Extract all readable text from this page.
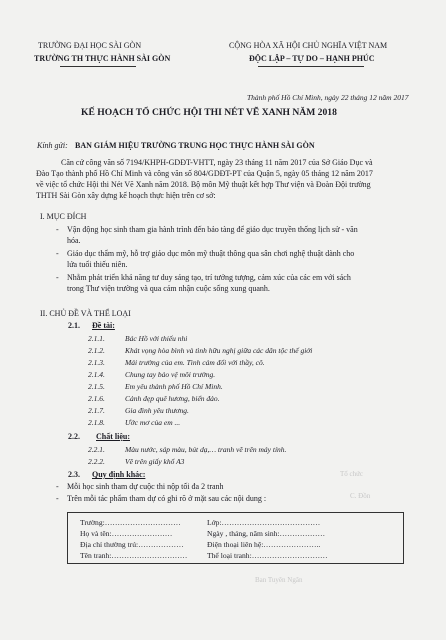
TRƯỜNG ĐẠI HỌC SÀI GÒN
TRƯỜNG TH THỰC HÀNH SÀI GÒN
CỘNG HÒA XÃ HỘI CHỦ NGHĨA VIỆT NAM
ĐỘC LẬP – TỰ DO – HẠNH PHÚC
Thành phố Hồ Chí Minh, ngày 22 tháng 12 năm 2017
KẾ HOẠCH TỔ CHỨC HỘI THI NÉT VẼ XANH NĂM 2018
Kính gửi: BAN GIÁM HIỆU TRƯỜNG TRUNG HỌC THỰC HÀNH SÀI GÒN
Căn cứ công văn số 7194/KHPH-GDĐT-VHTT, ngày 23 tháng 11 năm 2017 của Sở Giáo Dục và
Đào Tạo thành phố Hồ Chí Minh và công văn số 804/GDĐT-PT của Quận 5, ngày 05 tháng 12 năm 2017
về việc tổ chức Hội thi Nét Vẽ Xanh năm 2018. Bộ môn Mỹ thuật kết hợp Thư viện và Đoàn Đội trường
THTH Sài Gòn xây dựng kế hoạch thực hiện trên cơ sở:
I. MỤC ĐÍCH
- Vận động học sinh tham gia hành trình đến bảo tàng để giáo dục truyền thống lịch sử - văn
hóa.
- Giáo dục thẩm mỹ, hỗ trợ giáo dục môn mỹ thuật thông qua sân chơi nghệ thuật dành cho
lứa tuổi thiếu niên.
- Nhằm phát triển khả năng tư duy sáng tạo, trí tưởng tượng, cảm xúc của các em với sách
trong Thư viện trường và qua cảm nhận cuộc sống xung quanh.
II. CHỦ ĐỀ VÀ THỂ LOẠI
2.1. Đề tài:
2.1.1.	Bác Hồ với thiếu nhi
2.1.2.	Khát vọng hòa bình và tình hữu nghị giữa các dân tộc thế giới
2.1.3.	Mái trường của em. Tình cảm đổi với thầy, cô.
2.1.4.	Chung tay bảo vệ môi trường.
2.1.5.	Em yêu thành phố Hồ Chí Minh.
2.1.6.	Cảnh đẹp quê hương, biển đảo.
2.1.7.	Gia đình yêu thương.
2.1.8.	Ước mơ của em ...
2.2. Chất liệu:
2.2.1.	Màu nước, sáp màu, bút dạ,… tranh vẽ trên máy tính.
2.2.2.	Vẽ trên giấy khổ A3
2.3. Quy định khác:
- Mỗi học sinh tham dự cuộc thi nộp tối đa 2 tranh
- Trên mỗi tác phẩm tham dự có ghi rõ ở mặt sau các nội dung :
Tổ chức
C. Đồn
Ban Tuyên Ngân
Trường:…………………………	Lớp:…………………………………
Họ và tên:……………………	Ngày , tháng, năm sinh:………………
Địa chỉ thường trú:………………	Điện thoại liên hệ:…………………..
Tên tranh:…………………………	Thể loại tranh:…………………………
